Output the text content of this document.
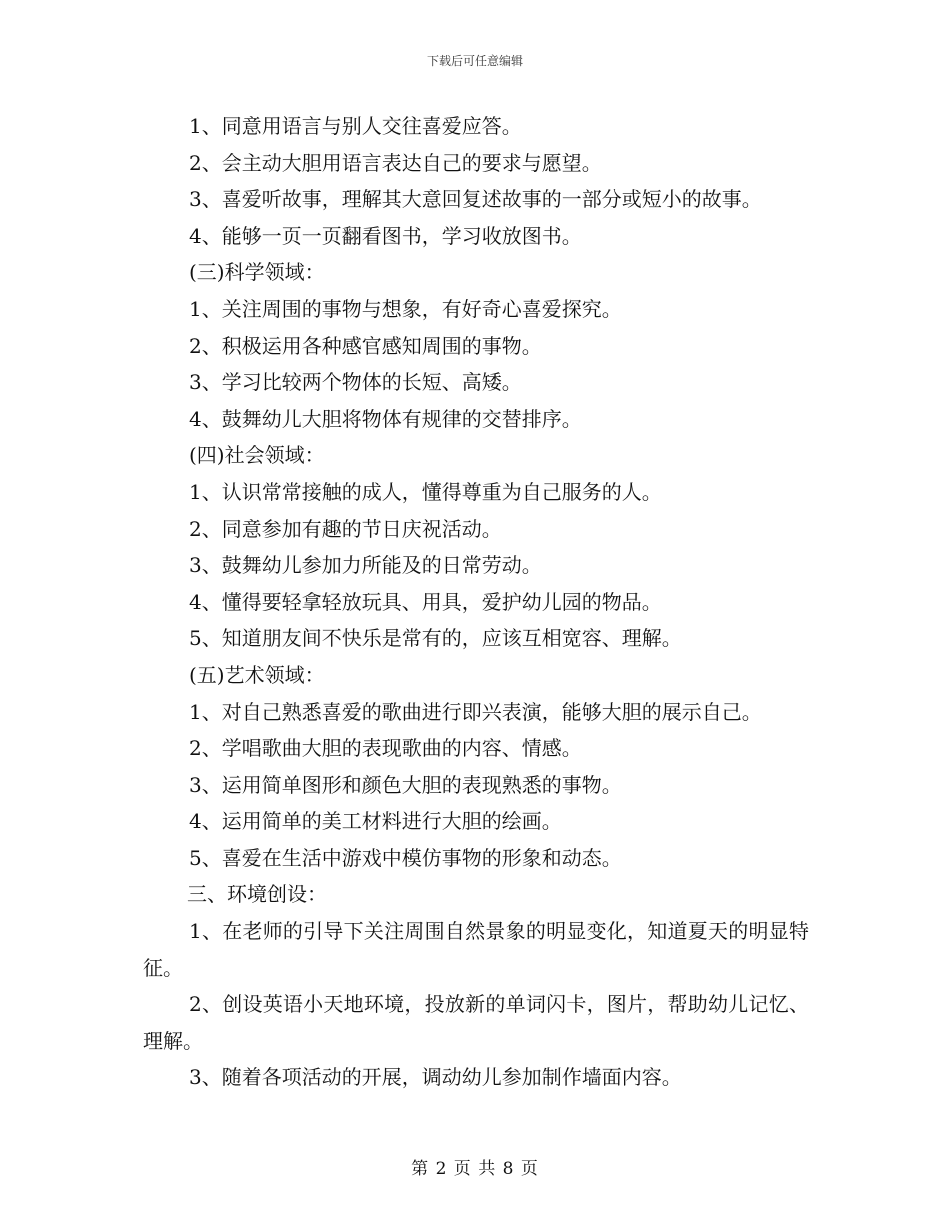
下载后可任意编辑
1、同意用语言与别人交往喜爱应答。
2、会主动大胆用语言表达自己的要求与愿望。
3、喜爱听故事，理解其大意回复述故事的一部分或短小的故事。
4、能够一页一页翻看图书，学习收放图书。
(三)科学领域：
1、关注周围的事物与想象，有好奇心喜爱探究。
2、积极运用各种感官感知周围的事物。
3、学习比较两个物体的长短、高矮。
4、鼓舞幼儿大胆将物体有规律的交替排序。
(四)社会领域：
1、认识常常接触的成人，懂得尊重为自己服务的人。
2、同意参加有趣的节日庆祝活动。
3、鼓舞幼儿参加力所能及的日常劳动。
4、懂得要轻拿轻放玩具、用具，爱护幼儿园的物品。
5、知道朋友间不快乐是常有的，应该互相宽容、理解。
(五)艺术领域：
1、对自己熟悉喜爱的歌曲进行即兴表演，能够大胆的展示自己。
2、学唱歌曲大胆的表现歌曲的内容、情感。
3、运用简单图形和颜色大胆的表现熟悉的事物。
4、运用简单的美工材料进行大胆的绘画。
5、喜爱在生活中游戏中模仿事物的形象和动态。
三、环境创设：
1、在老师的引导下关注周围自然景象的明显变化，知道夏天的明显特征。
2、创设英语小天地环境，投放新的单词闪卡，图片，帮助幼儿记忆、理解。
3、随着各项活动的开展，调动幼儿参加制作墙面内容。
第 2 页 共 8 页
